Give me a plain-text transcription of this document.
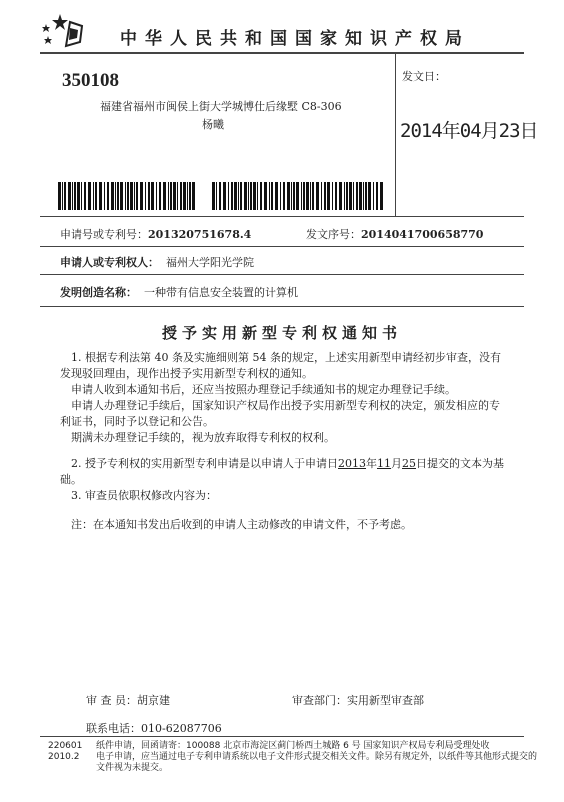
中华人民共和国国家知识产权局
350108
福建省福州市闽侯上街大学城博仕后缘墅 C8-306
杨曦
发文日：
2014年04月23日
申请号或专利号：201320751678.4	发文序号：2014041700658770
申请人或专利权人： 福州大学阳光学院
发明创造名称： 一种带有信息安全装置的计算机
授予实用新型专利权通知书

1. 根据专利法第 40 条及实施细则第 54 条的规定，上述实用新型申请经初步审查，没有发现驳回理由，现作出授予实用新型专利权的通知。

申请人收到本通知书后，还应当按照办理登记手续通知书的规定办理登记手续。

申请人办理登记手续后，国家知识产权局作出授予实用新型专利权的决定，颁发相应的专利证书，同时予以登记和公告。

期满未办理登记手续的，视为放弃取得专利权的权利。

2. 授予专利权的实用新型专利申请是以申请人于申请日2013年11月25日提交的文本为基础。

3. 审查员依职权修改内容为：

注：在本通知书发出后收到的申请人主动修改的申请文件，不予考虑。

审 查 员：胡京建	审查部门：实用新型审查部
联系电话：010-62087706
220601
2010.2
纸件申请，回函请寄：100088 北京市海淀区蓟门桥西土城路 6 号 国家知识产权局专利局受理处收
电子申请，应当通过电子专利申请系统以电子文件形式提交相关文件。除另有规定外，以纸件等其他形式提交的
文件视为未提交。
